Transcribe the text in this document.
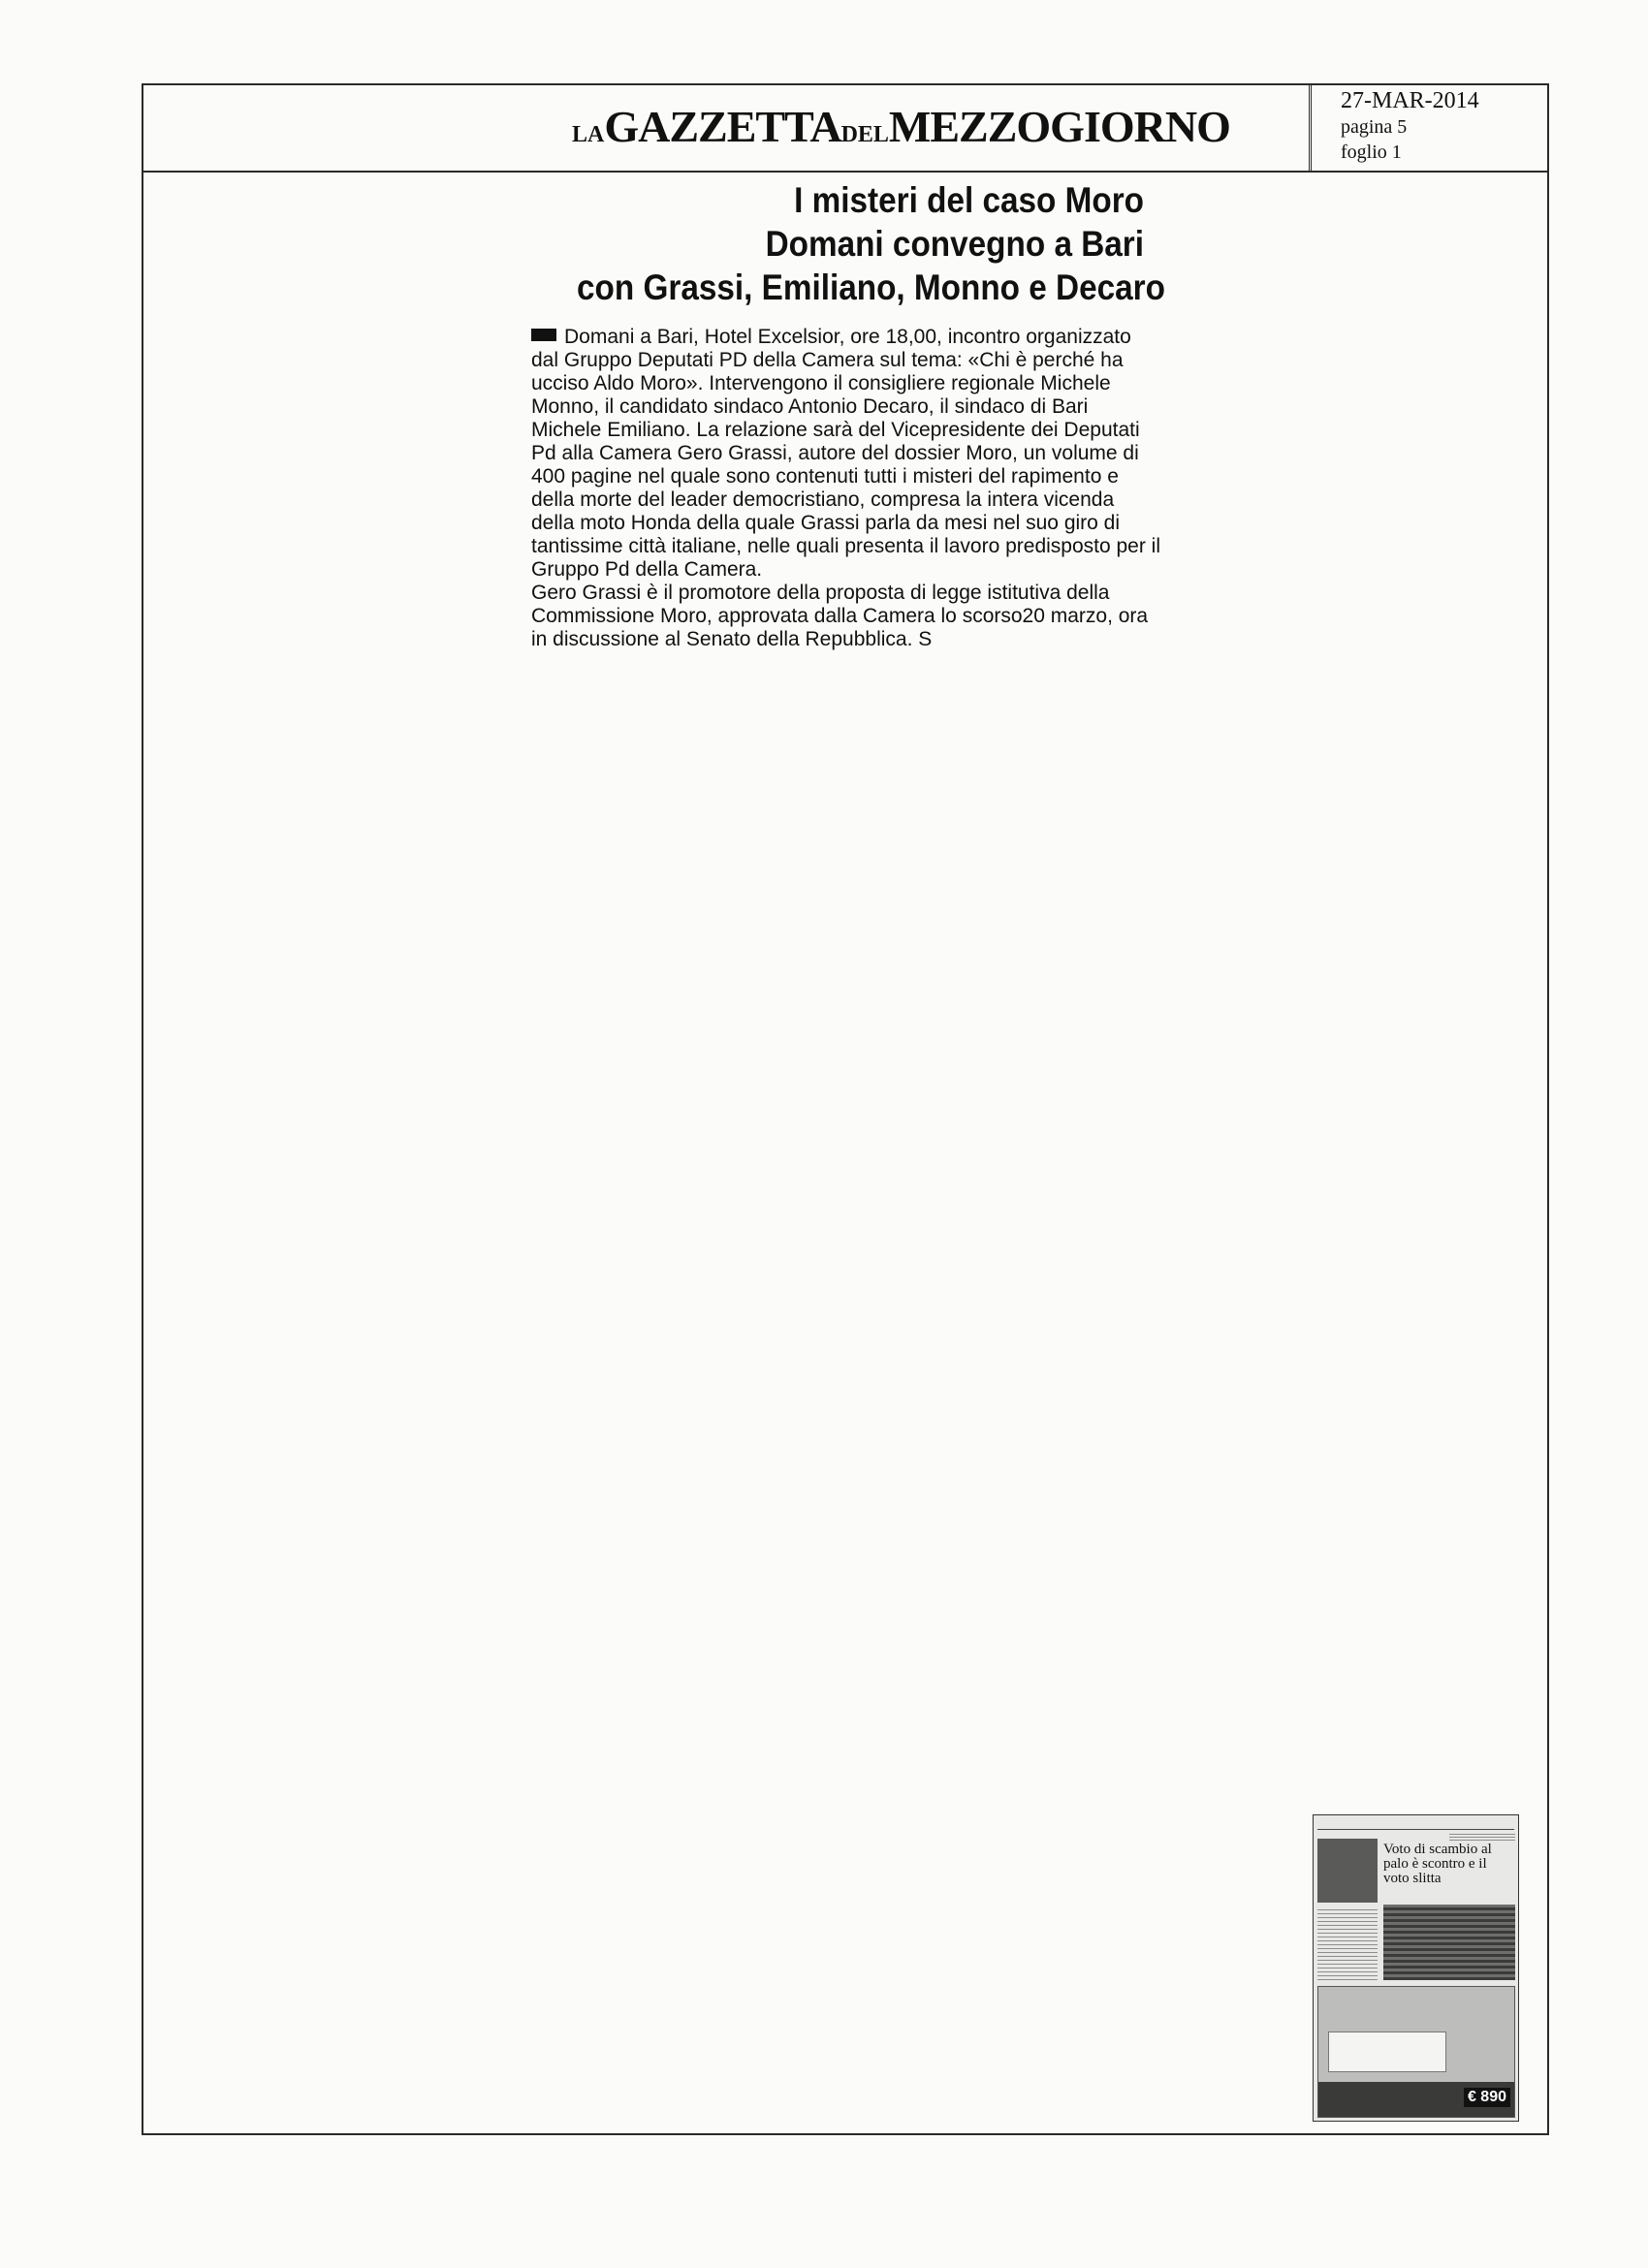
LAGAZZETTADELMEZZOGIORNO
27-MAR-2014
pagina 5
foglio 1
I misteri del caso Moro
Domani convegno a Bari
con Grassi, Emiliano, Monno e Decaro

Domani a Bari, Hotel Excelsior, ore 18,00, incontro organizzato dal Gruppo Deputati PD della Camera sul tema: «Chi è perché ha ucciso Aldo Moro». Intervengono il consigliere regionale Michele Monno, il candidato sindaco Antonio Decaro, il sindaco di Bari Michele Emiliano. La relazione sarà del Vicepresidente dei Deputati Pd alla Camera Gero Grassi, autore del dossier Moro, un volume di 400 pagine nel quale sono contenuti tutti i misteri del rapimento e della morte del leader democristiano, compresa la intera vicenda della moto Honda della quale Grassi parla da mesi nel suo giro di tantissime città italiane, nelle quali presenta il lavoro predisposto per il Gruppo Pd della Camera.

Gero Grassi è il promotore della proposta di legge istitutiva della Commissione Moro, approvata dalla Camera lo scorso20 marzo, ora in discussione al Senato della Repubblica. S

Voto di scambio al palo è scontro e il voto slitta
€ 890
